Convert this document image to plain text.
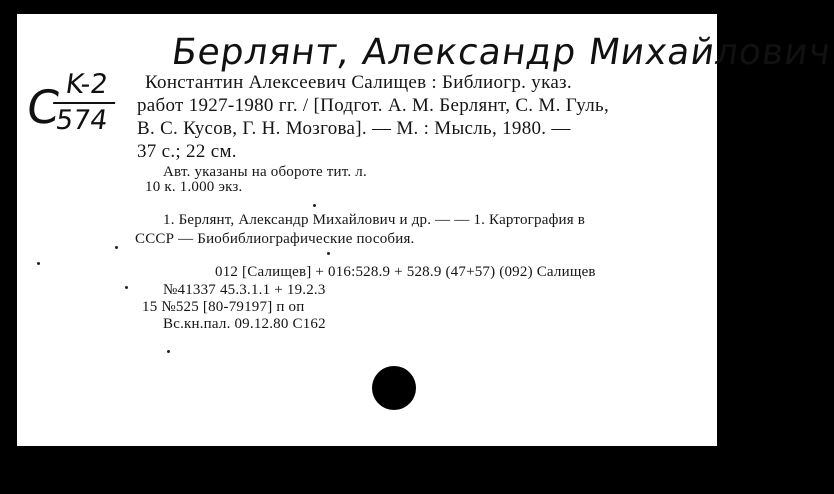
Берлянт, Александр Михайлович
С K-2
574
Константин Алексеевич Салищев : Библиогр. указ.
работ 1927-1980 гг. / [Подгот. А. М. Берлянт, С. М. Гуль,
В. С. Кусов, Г. Н. Мозгова]. — М. : Мысль, 1980. —
37 с.; 22 см.
Авт. указаны на обороте тит. л.
10 к. 1.000 экз.
1. Берлянт, Александр Михайлович и др. — — 1. Картография в
СССР — Биобиблиографические пособия.
012 [Салищев] + 016:528.9 + 528.9 (47+57) (092) Салищев
№41337 45.3.1.1 + 19.2.3
15 №525 [80-79197] п оп
Вс.кн.пал. 09.12.80 С162
